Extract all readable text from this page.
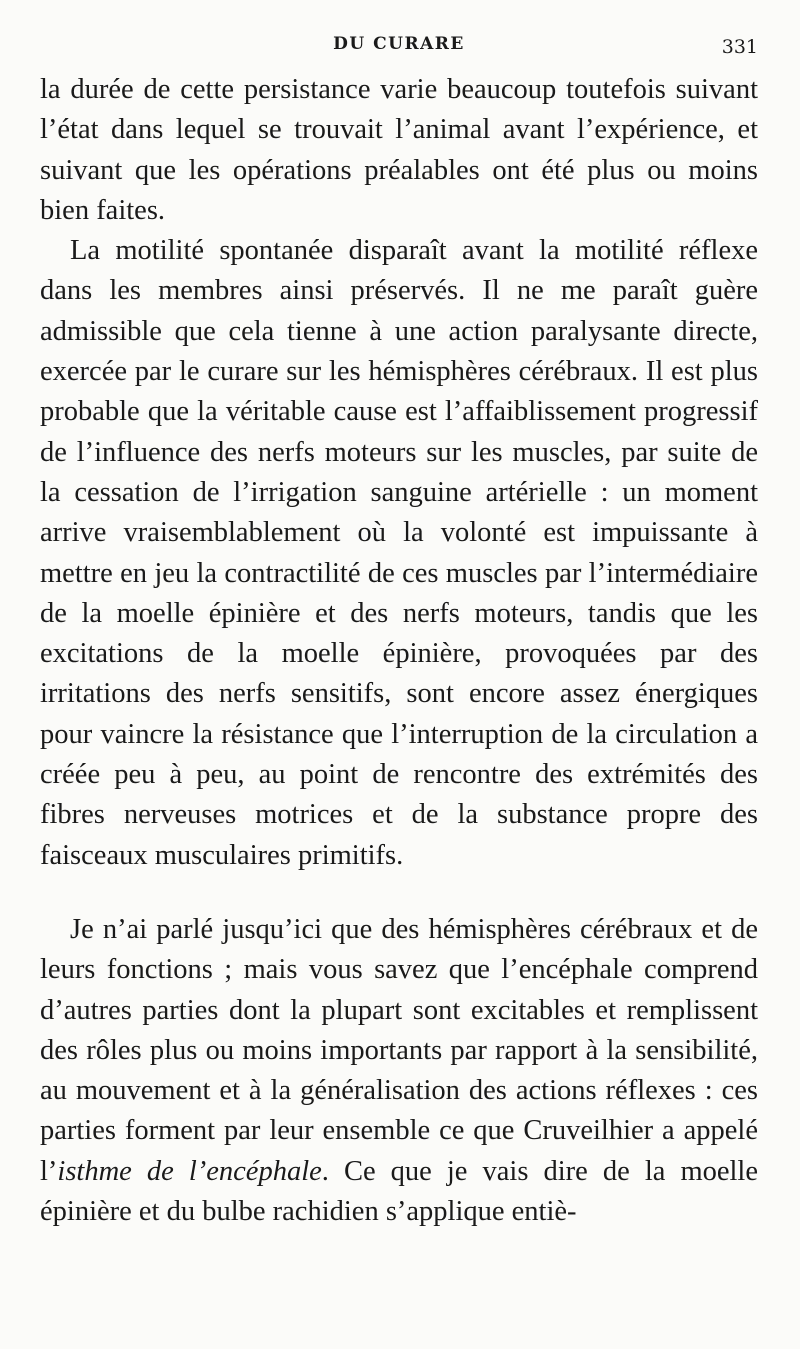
DU CURARE	331

la durée de cette persistance varie beaucoup toutefois suivant l’état dans lequel se trouvait l’animal avant l’expérience, et suivant que les opérations préalables ont été plus ou moins bien faites.

La motilité spontanée disparaît avant la motilité réflexe dans les membres ainsi préservés. Il ne me paraît guère admissible que cela tienne à une action paralysante directe, exercée par le curare sur les hémisphères cérébraux. Il est plus probable que la véritable cause est l’affaiblissement progressif de l’influence des nerfs moteurs sur les muscles, par suite de la cessation de l’irrigation sanguine artérielle : un moment arrive vraisemblablement où la volonté est impuissante à mettre en jeu la contractilité de ces muscles par l’intermédiaire de la moelle épinière et des nerfs moteurs, tandis que les excitations de la moelle épinière, provoquées par des irritations des nerfs sensitifs, sont encore assez énergiques pour vaincre la résistance que l’interruption de la circulation a créée peu à peu, au point de rencontre des extrémités des fibres nerveuses motrices et de la substance propre des faisceaux musculaires primitifs.

Je n’ai parlé jusqu’ici que des hémisphères cérébraux et de leurs fonctions ; mais vous savez que l’encéphale comprend d’autres parties dont la plupart sont excitables et remplissent des rôles plus ou moins importants par rapport à la sensibilité, au mouvement et à la généralisation des actions réflexes : ces parties forment par leur ensemble ce que Cruveilhier a appelé l’isthme de l’encéphale. Ce que je vais dire de la moelle épinière et du bulbe rachidien s’applique entiè-
